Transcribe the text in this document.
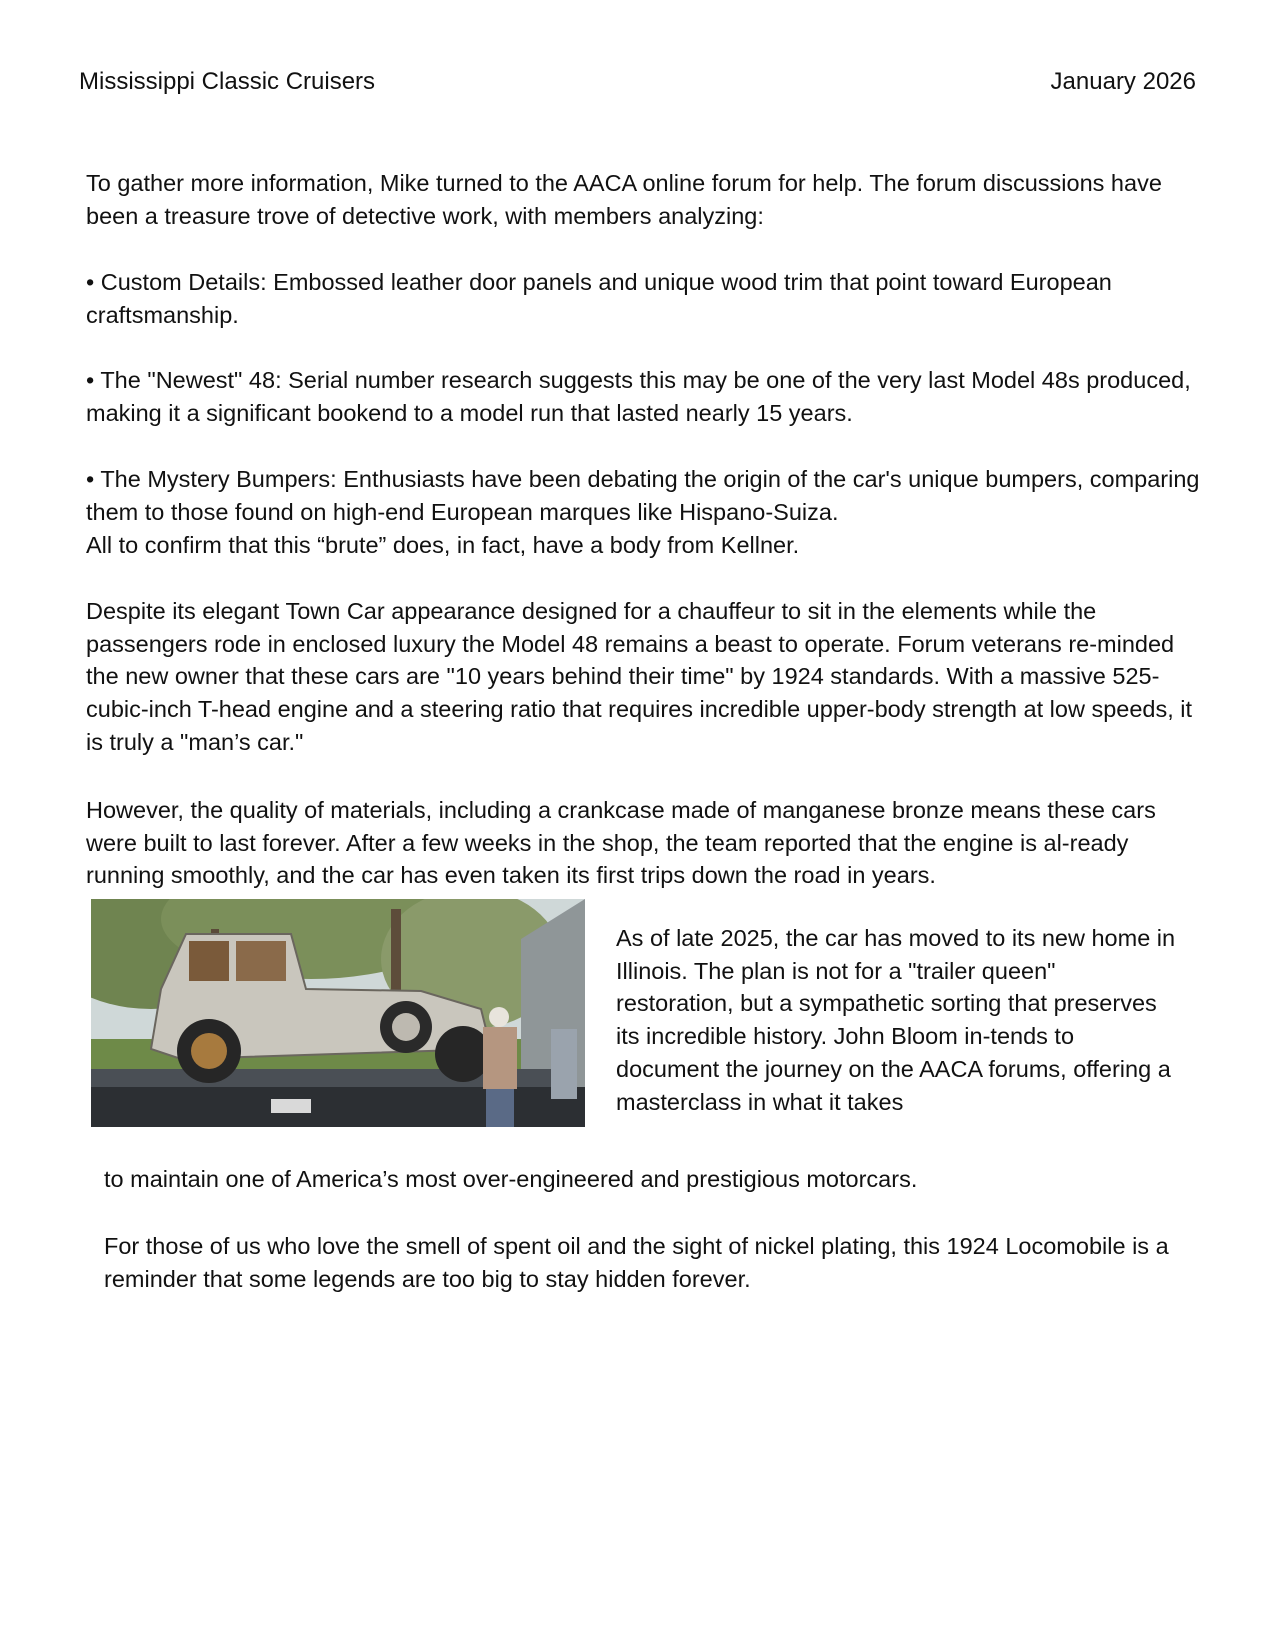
Mississippi Classic Cruisers	January 2026

To gather more information, Mike turned to the AACA online forum for help. The forum discussions have been a treasure trove of detective work, with members analyzing:

• Custom Details: Embossed leather door panels and unique wood trim that point toward European craftsmanship.

• The "Newest" 48: Serial number research suggests this may be one of the very last Model 48s produced, making it a significant bookend to a model run that lasted nearly 15 years.

• The Mystery Bumpers: Enthusiasts have been debating the origin of the car's unique bumpers, comparing them to those found on high-end European marques like Hispano-Suiza.

All to confirm that this “brute” does, in fact, have a body from Kellner.

Despite its elegant Town Car appearance designed for a chauffeur to sit in the elements while the passengers rode in enclosed luxury the Model 48 remains a beast to operate. Forum veterans re-minded the new owner that these cars are "10 years behind their time" by 1924 standards. With a massive 525-cubic-inch T-head engine and a steering ratio that requires incredible upper-body strength at low speeds, it is truly a "man’s car."

However, the quality of materials, including a crankcase made of manganese bronze means these cars were built to last forever. After a few weeks in the shop, the team reported that the engine is al-ready running smoothly, and the car has even taken its first trips down the road in years.

As of late 2025, the car has moved to its new home in Illinois. The plan is not for a "trailer queen" restoration, but a sympathetic sorting that preserves its incredible history. John Bloom in-tends to document the journey on the AACA forums, offering a masterclass in what it takes

to maintain one of America’s most over-engineered and prestigious motorcars.

For those of us who love the smell of spent oil and the sight of nickel plating, this 1924 Locomobile is a reminder that some legends are too big to stay hidden forever.
